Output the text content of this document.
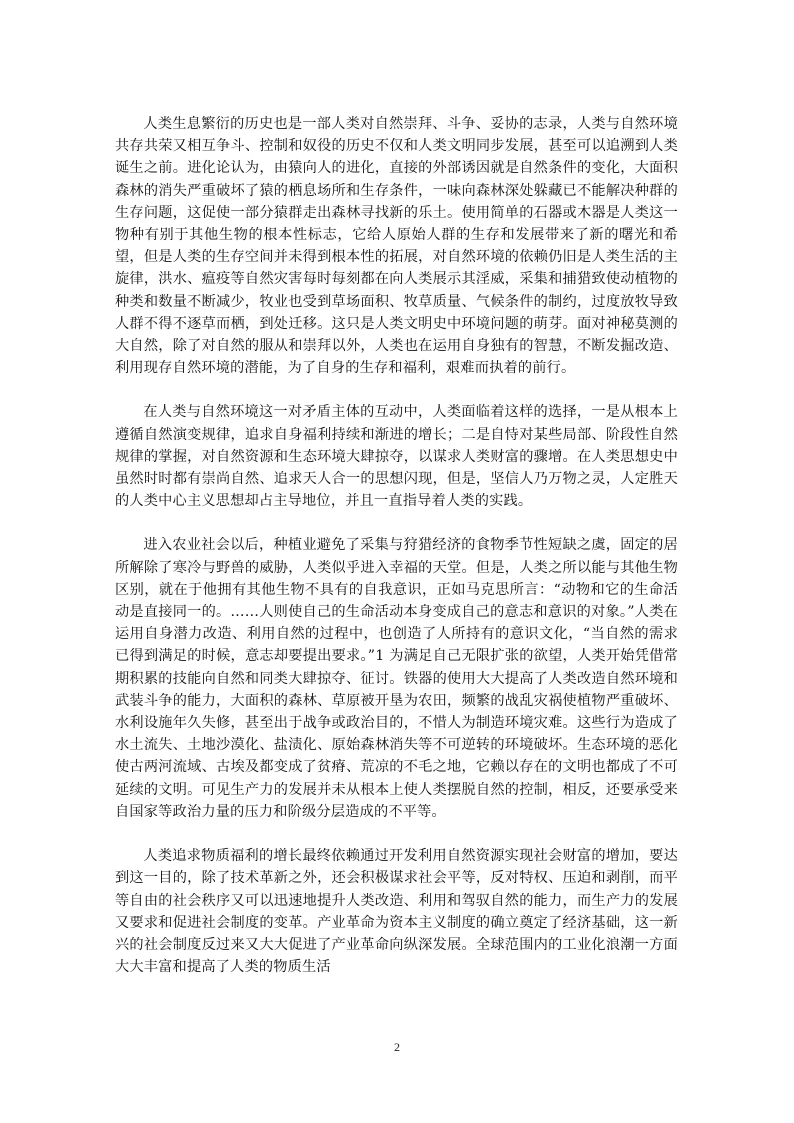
人类生息繁衍的历史也是一部人类对自然崇拜、斗争、妥协的志录，人类与自然环境共存共荣又相互争斗、控制和奴役的历史不仅和人类文明同步发展，甚至可以追溯到人类诞生之前。进化论认为，由猿向人的进化，直接的外部诱因就是自然条件的变化，大面积森林的消失严重破坏了猿的栖息场所和生存条件，一味向森林深处躲藏已不能解决种群的生存问题，这促使一部分猿群走出森林寻找新的乐土。使用简单的石器或木器是人类这一物种有别于其他生物的根本性标志，它给人原始人群的生存和发展带来了新的曙光和希望，但是人类的生存空间并未得到根本性的拓展，对自然环境的依赖仍旧是人类生活的主旋律，洪水、瘟疫等自然灾害每时每刻都在向人类展示其淫威，采集和捕猎致使动植物的种类和数量不断减少，牧业也受到草场面积、牧草质量、气候条件的制约，过度放牧导致人群不得不逐草而栖，到处迁移。这只是人类文明史中环境问题的萌芽。面对神秘莫测的大自然，除了对自然的服从和崇拜以外，人类也在运用自身独有的智慧，不断发掘改造、利用现存自然环境的潜能，为了自身的生存和福利，艰难而执着的前行。

在人类与自然环境这一对矛盾主体的互动中，人类面临着这样的选择，一是从根本上遵循自然演变规律，追求自身福利持续和渐进的增长；二是自恃对某些局部、阶段性自然规律的掌握，对自然资源和生态环境大肆掠夺，以谋求人类财富的骤增。在人类思想史中虽然时时都有崇尚自然、追求天人合一的思想闪现，但是，坚信人乃万物之灵，人定胜天的人类中心主义思想却占主导地位，并且一直指导着人类的实践。

进入农业社会以后，种植业避免了采集与狩猎经济的食物季节性短缺之虞，固定的居所解除了寒冷与野兽的威胁，人类似乎进入幸福的天堂。但是，人类之所以能与其他生物区别，就在于他拥有其他生物不具有的自我意识，正如马克思所言：“动物和它的生命活动是直接同一的。……人则使自己的生命活动本身变成自己的意志和意识的对象。”人类在运用自身潜力改造、利用自然的过程中，也创造了人所持有的意识文化，“当自然的需求已得到满足的时候，意志却要提出要求。”1 为满足自己无限扩张的欲望，人类开始凭借常期积累的技能向自然和同类大肆掠夺、征讨。铁器的使用大大提高了人类改造自然环境和武装斗争的能力，大面积的森林、草原被开垦为农田，频繁的战乱灾祸使植物严重破坏、水利设施年久失修，甚至出于战争或政治目的，不惜人为制造环境灾难。这些行为造成了水土流失、土地沙漠化、盐渍化、原始森林消失等不可逆转的环境破坏。生态环境的恶化使古两河流域、古埃及都变成了贫瘠、荒凉的不毛之地，它赖以存在的文明也都成了不可延续的文明。可见生产力的发展并未从根本上使人类摆脱自然的控制，相反，还要承受来自国家等政治力量的压力和阶级分层造成的不平等。

人类追求物质福利的增长最终依赖通过开发利用自然资源实现社会财富的增加，要达到这一目的，除了技术革新之外，还会积极谋求社会平等，反对特权、压迫和剥削，而平等自由的社会秩序又可以迅速地提升人类改造、利用和驾驭自然的能力，而生产力的发展又要求和促进社会制度的变革。产业革命为资本主义制度的确立奠定了经济基础，这一新兴的社会制度反过来又大大促进了产业革命向纵深发展。全球范围内的工业化浪潮一方面大大丰富和提高了人类的物质生活

2
